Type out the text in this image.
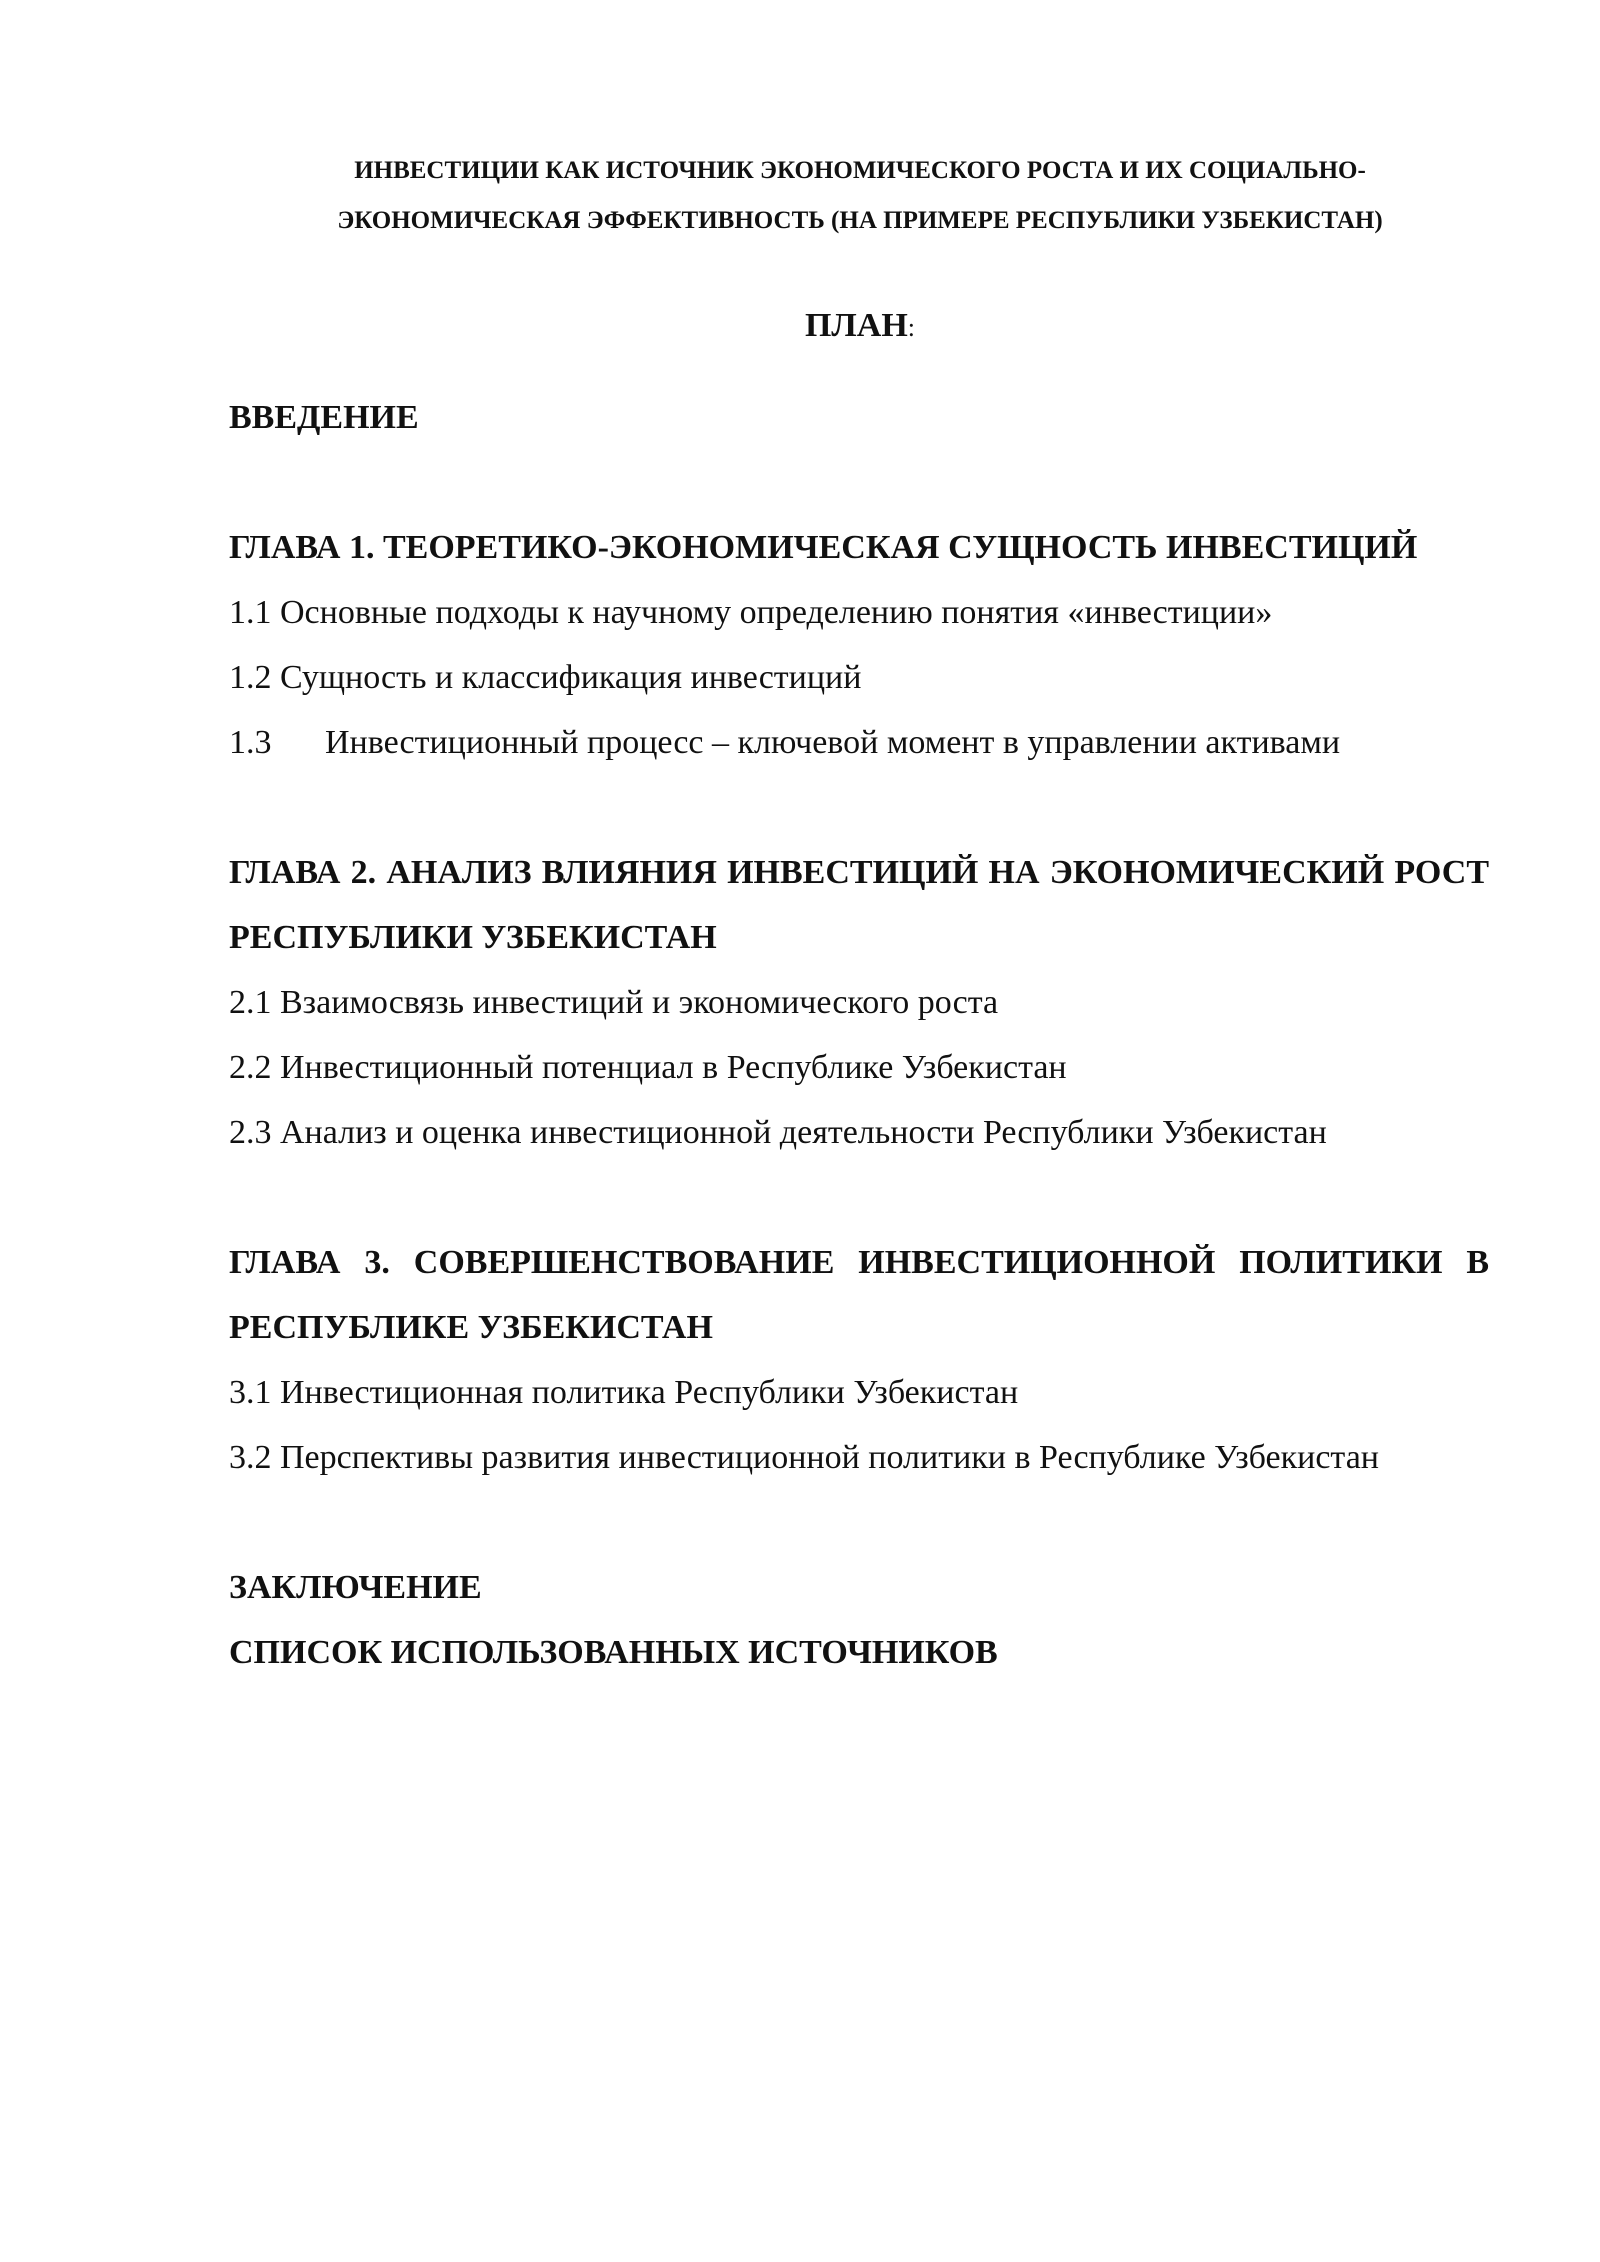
ИНВЕСТИЦИИ КАК ИСТОЧНИК ЭКОНОМИЧЕСКОГО РОСТА И ИХ СОЦИАЛЬНО-
ЭКОНОМИЧЕСКАЯ ЭФФЕКТИВНОСТЬ (НА ПРИМЕРЕ РЕСПУБЛИКИ УЗБЕКИСТАН)
ПЛАН:

ВВЕДЕНИЕ

ГЛАВА 1. ТЕОРЕТИКО-ЭКОНОМИЧЕСКАЯ СУЩНОСТЬ ИНВЕСТИЦИЙ

1.1 Основные подходы к научному определению понятия «инвестиции»

1.2 Сущность и классификация инвестиций

1.3 Инвестиционный процесс – ключевой момент в управлении активами

ГЛАВА 2. АНАЛИЗ ВЛИЯНИЯ ИНВЕСТИЦИЙ НА ЭКОНОМИЧЕСКИЙ РОСТ РЕСПУБЛИКИ УЗБЕКИСТАН

2.1 Взаимосвязь инвестиций и экономического роста

2.2 Инвестиционный потенциал в Республике Узбекистан

2.3 Анализ и оценка инвестиционной деятельности Республики Узбекистан

ГЛАВА 3. СОВЕРШЕНСТВОВАНИЕ ИНВЕСТИЦИОННОЙ ПОЛИТИКИ В РЕСПУБЛИКЕ УЗБЕКИСТАН

3.1 Инвестиционная политика Республики Узбекистан

3.2 Перспективы развития инвестиционной политики в Республике Узбекистан

ЗАКЛЮЧЕНИЕ

СПИСОК ИСПОЛЬЗОВАННЫХ ИСТОЧНИКОВ
